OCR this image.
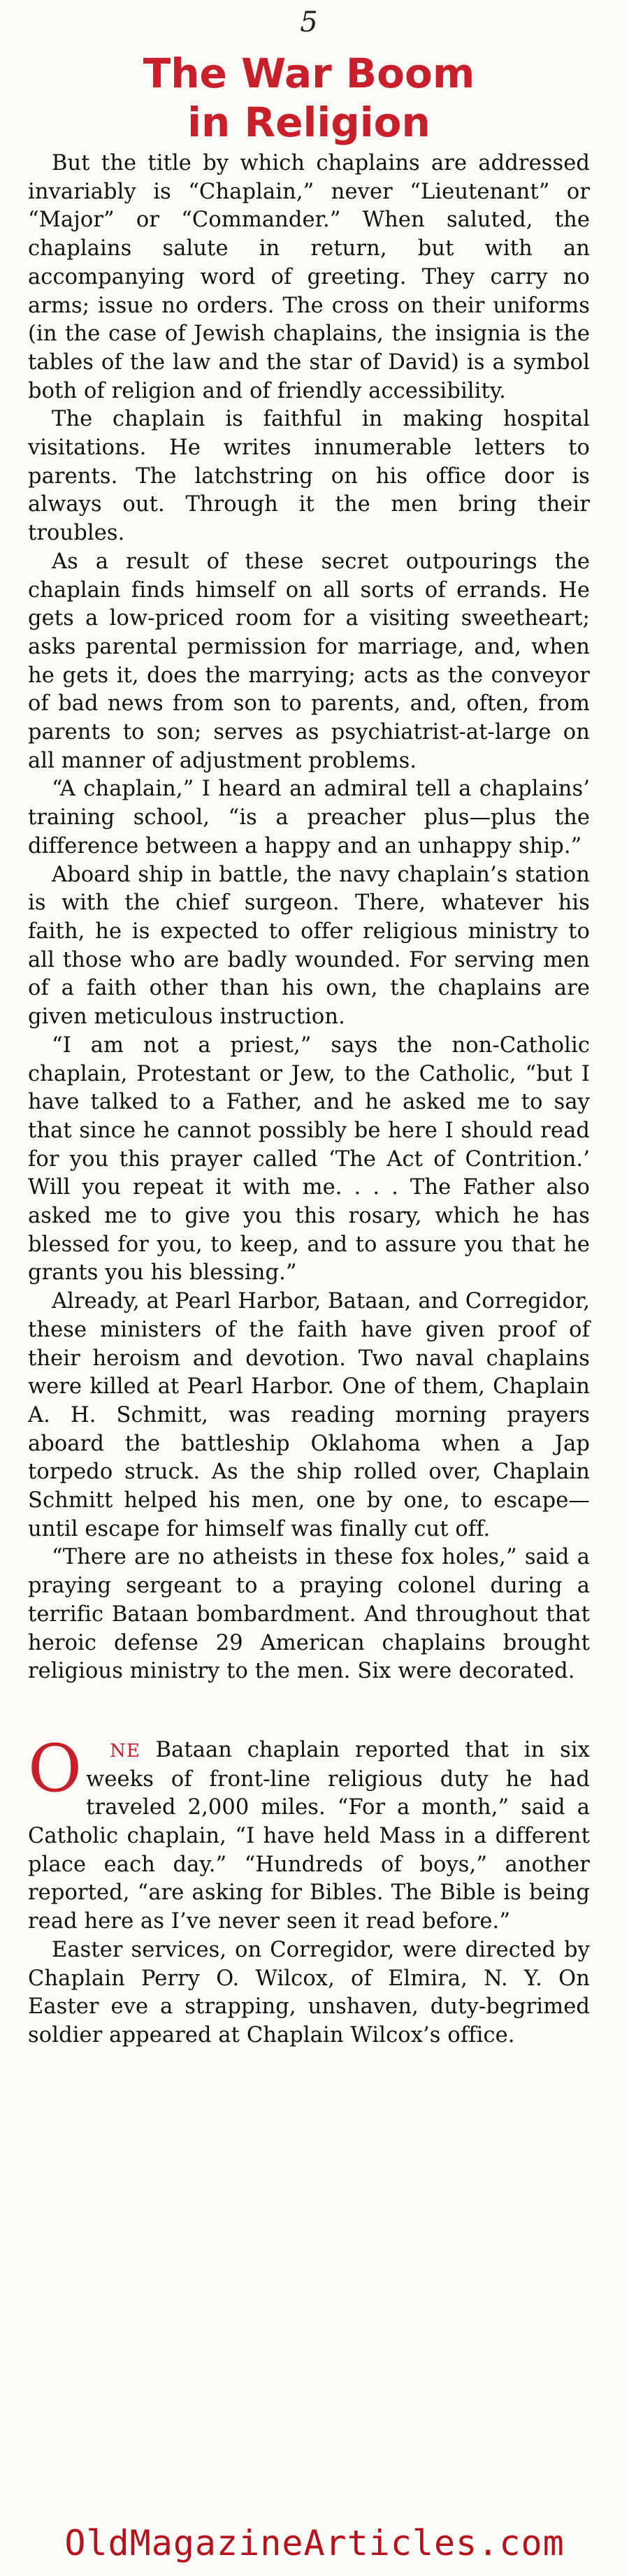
5
The War Boom
in Religion

But the title by which chaplains are addressed invariably is “Chaplain,” never “Lieutenant” or “Major” or “Commander.” When saluted, the chaplains salute in return, but with an accompanying word of greeting. They carry no arms; issue no orders. The cross on their uniforms (in the case of Jewish chaplains, the insignia is the tables of the law and the star of David) is a symbol both of religion and of friendly accessibility.

The chaplain is faithful in making hospital visitations. He writes innumerable letters to parents. The latchstring on his office door is always out. Through it the men bring their troubles.

As a result of these secret outpourings the chaplain finds himself on all sorts of errands. He gets a low-priced room for a visiting sweetheart; asks parental permission for marriage, and, when he gets it, does the marrying; acts as the conveyor of bad news from son to parents, and, often, from parents to son; serves as psychiatrist-at-large on all manner of adjustment problems.

“A chaplain,” I heard an admiral tell a chaplains’ training school, “is a preacher plus—plus the difference between a happy and an unhappy ship.”

Aboard ship in battle, the navy chaplain’s station is with the chief surgeon. There, whatever his faith, he is expected to offer religious ministry to all those who are badly wounded. For serving men of a faith other than his own, the chaplains are given meticulous instruction.

“I am not a priest,” says the non-Catholic chaplain, Protestant or Jew, to the Catholic, “but I have talked to a Father, and he asked me to say that since he cannot possibly be here I should read for you this prayer called ‘The Act of Contrition.’ Will you repeat it with me. . . . The Father also asked me to give you this rosary, which he has blessed for you, to keep, and to assure you that he grants you his blessing.”

Already, at Pearl Harbor, Bataan, and Corregidor, these ministers of the faith have given proof of their heroism and devotion. Two naval chaplains were killed at Pearl Harbor. One of them, Chaplain A. H. Schmitt, was reading morning prayers aboard the battleship Oklahoma when a Jap torpedo struck. As the ship rolled over, Chaplain Schmitt helped his men, one by one, to escape—until escape for himself was finally cut off.

“There are no atheists in these fox holes,” said a praying sergeant to a praying colonel during a terrific Bataan bombardment. And throughout that heroic defense 29 American chaplains brought religious ministry to the men. Six were decorated.

O NE Bataan chaplain reported that in six weeks of front-line religious duty he had traveled 2,000 miles. “For a month,” said a Catholic chaplain, “I have held Mass in a different place each day.” “Hundreds of boys,” another reported, “are asking for Bibles. The Bible is being read here as I’ve never seen it read before.”

Easter services, on Corregidor, were directed by Chaplain Perry O. Wilcox, of Elmira, N. Y. On Easter eve a strapping, unshaven, duty-begrimed soldier appeared at Chaplain Wilcox’s office.

OldMagazineArticles.com
